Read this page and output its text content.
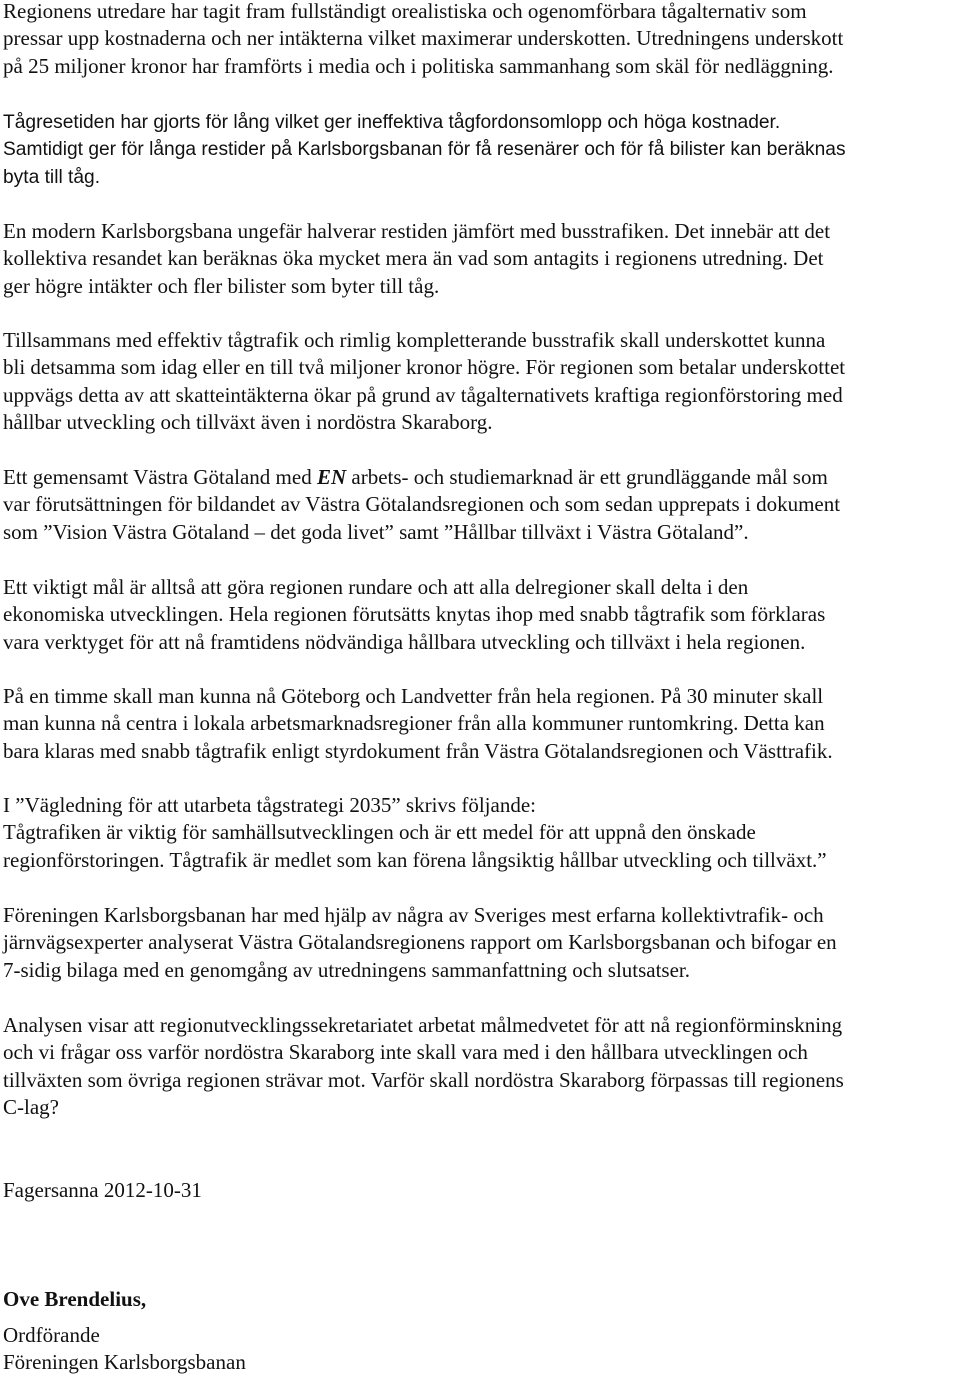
Regionens utredare har tagit fram fullständigt orealistiska och ogenomförbara tågalternativ som
pressar upp kostnaderna och ner intäkterna vilket maximerar underskotten. Utredningens underskott
på 25 miljoner kronor har framförts i media och i politiska sammanhang som skäl för nedläggning.

Tågresetiden har gjorts för lång vilket ger ineffektiva tågfordonsomlopp och höga kostnader.
Samtidigt ger för långa restider på Karlsborgsbanan för få resenärer och för få bilister kan beräknas
byta till tåg.

En modern Karlsborgsbana ungefär halverar restiden jämfört med busstrafiken. Det innebär att det
kollektiva resandet kan beräknas öka mycket mera än vad som antagits i regionens utredning. Det
ger högre intäkter och fler bilister som byter till tåg.

Tillsammans med effektiv tågtrafik och rimlig kompletterande busstrafik skall underskottet kunna
bli detsamma som idag eller en till två miljoner kronor högre. För regionen som betalar underskottet
uppvägs detta av att skatteintäkterna ökar på grund av tågalternativets kraftiga regionförstoring med
hållbar utveckling och tillväxt även i nordöstra Skaraborg.

Ett gemensamt Västra Götaland med EN arbets- och studiemarknad är ett grundläggande mål som
var förutsättningen för bildandet av Västra Götalandsregionen och som sedan upprepats i dokument
som ”Vision Västra Götaland – det goda livet” samt ”Hållbar tillväxt i Västra Götaland”.

Ett viktigt mål är alltså att göra regionen rundare och att alla delregioner skall delta i den
ekonomiska utvecklingen. Hela regionen förutsätts knytas ihop med snabb tågtrafik som förklaras
vara verktyget för att nå framtidens nödvändiga hållbara utveckling och tillväxt i hela regionen.

På en timme skall man kunna nå Göteborg och Landvetter från hela regionen. På 30 minuter skall
man kunna nå centra i lokala arbetsmarknadsregioner från alla kommuner runtomkring. Detta kan
bara klaras med snabb tågtrafik enligt styrdokument från Västra Götalandsregionen och Västtrafik.

I ”Vägledning för att utarbeta tågstrategi 2035” skrivs följande:
Tågtrafiken är viktig för samhällsutvecklingen och är ett medel för att uppnå den önskade
regionförstoringen. Tågtrafik är medlet som kan förena långsiktig hållbar utveckling och tillväxt.”

Föreningen Karlsborgsbanan har med hjälp av några av Sveriges mest erfarna kollektivtrafik- och
järnvägsexperter analyserat Västra Götalandsregionens rapport om Karlsborgsbanan och bifogar en
7-sidig bilaga med en genomgång av utredningens sammanfattning och slutsatser.

Analysen visar att regionutvecklingssekretariatet arbetat målmedvetet för att nå regionförminskning
och vi frågar oss varför nordöstra Skaraborg inte skall vara med i den hållbara utvecklingen och
tillväxten som övriga regionen strävar mot. Varför skall nordöstra Skaraborg förpassas till regionens
C-lag?

Fagersanna 2012-10-31

Ove Brendelius,

Ordförande

Föreningen Karlsborgsbanan
